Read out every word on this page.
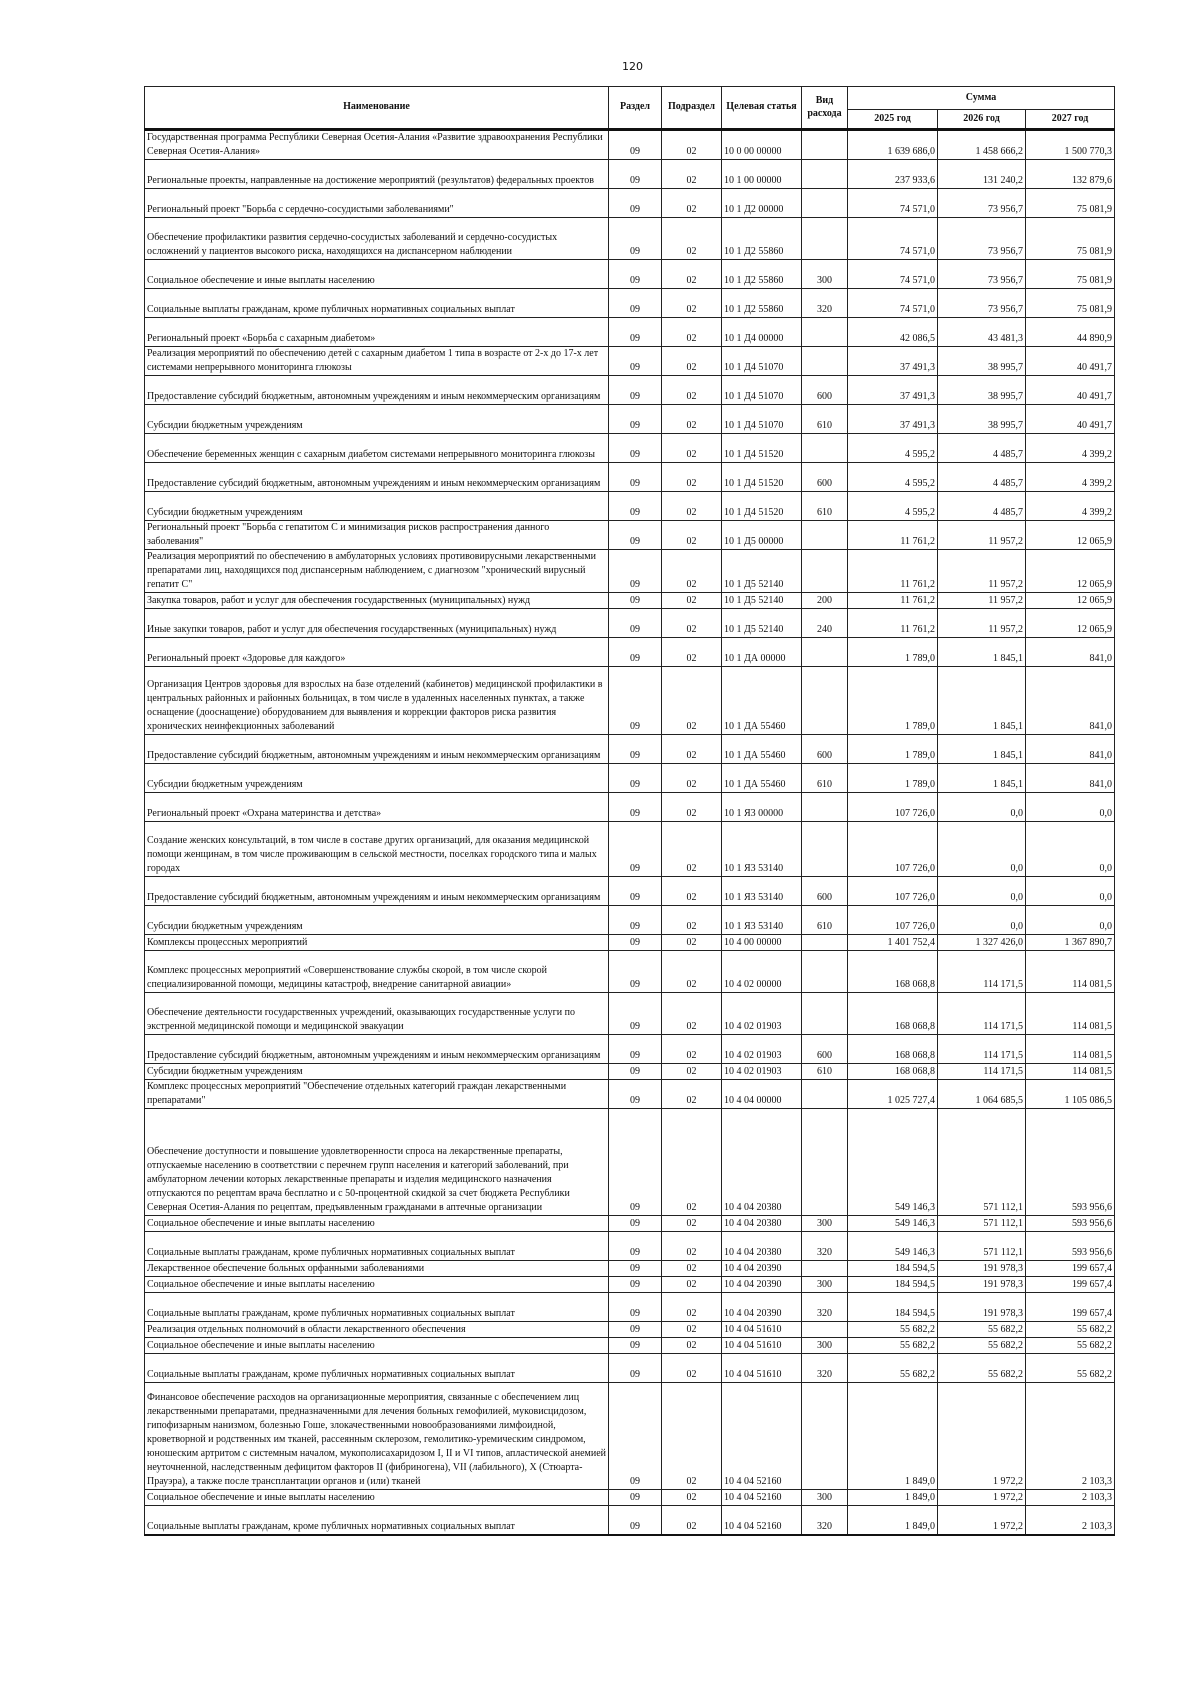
120
Наименование	Раздел	Подраздел	Целевая статья	Вид расхода	Сумма		
					2025 год	2026 год	2027 год
Государственная программа Республики Северная Осетия-Алания «Развитие здравоохранения Республики Северная Осетия-Алания»	09	02	10 0 00 00000		1 639 686,0	1 458 666,2	1 500 770,3
Региональные проекты, направленные на достижение мероприятий (результатов) федеральных проектов	09	02	10 1 00 00000		237 933,6	131 240,2	132 879,6
Региональный проект "Борьба с сердечно-сосудистыми заболеваниями"	09	02	10 1 Д2 00000		74 571,0	73 956,7	75 081,9
Обеспечение профилактики развития сердечно-сосудистых заболеваний и сердечно-сосудистых осложнений у пациентов высокого риска, находящихся на диспансерном наблюдении	09	02	10 1 Д2 55860		74 571,0	73 956,7	75 081,9
Социальное обеспечение и иные выплаты населению	09	02	10 1 Д2 55860	300	74 571,0	73 956,7	75 081,9
Социальные выплаты гражданам, кроме публичных нормативных социальных выплат	09	02	10 1 Д2 55860	320	74 571,0	73 956,7	75 081,9
Региональный проект «Борьба с сахарным диабетом»	09	02	10 1 Д4 00000		42 086,5	43 481,3	44 890,9
Реализация мероприятий по обеспечению детей с сахарным диабетом 1 типа в возрасте от 2-х до 17-х лет системами непрерывного мониторинга глюкозы	09	02	10 1 Д4 51070		37 491,3	38 995,7	40 491,7
Предоставление субсидий бюджетным, автономным учреждениям и иным некоммерческим организациям	09	02	10 1 Д4 51070	600	37 491,3	38 995,7	40 491,7
Субсидии бюджетным учреждениям	09	02	10 1 Д4 51070	610	37 491,3	38 995,7	40 491,7
Обеспечение беременных женщин с сахарным диабетом системами непрерывного мониторинга глюкозы	09	02	10 1 Д4 51520		4 595,2	4 485,7	4 399,2
Предоставление субсидий бюджетным, автономным учреждениям и иным некоммерческим организациям	09	02	10 1 Д4 51520	600	4 595,2	4 485,7	4 399,2
Субсидии бюджетным учреждениям	09	02	10 1 Д4 51520	610	4 595,2	4 485,7	4 399,2
Региональный проект "Борьба с гепатитом С и минимизация рисков распространения данного заболевания"	09	02	10 1 Д5 00000		11 761,2	11 957,2	12 065,9
Реализация мероприятий по обеспечению в амбулаторных условиях противовирусными лекарственными препаратами лиц, находящихся под диспансерным наблюдением, с диагнозом "хронический вирусный гепатит С"	09	02	10 1 Д5 52140		11 761,2	11 957,2	12 065,9
Закупка товаров, работ и услуг для обеспечения государственных (муниципальных) нужд	09	02	10 1 Д5 52140	200	11 761,2	11 957,2	12 065,9
Иные закупки товаров, работ и услуг для обеспечения государственных (муниципальных) нужд	09	02	10 1 Д5 52140	240	11 761,2	11 957,2	12 065,9
Региональный проект «Здоровье для каждого»	09	02	10 1 ДА 00000		1 789,0	1 845,1	841,0
Организация Центров здоровья для взрослых на базе отделений (кабинетов) медицинской профилактики в центральных районных и районных больницах, в том числе в удаленных населенных пунктах, а также оснащение (дооснащение) оборудованием для выявления и коррекции факторов риска развития хронических неинфекционных заболеваний	09	02	10 1 ДА 55460		1 789,0	1 845,1	841,0
Предоставление субсидий бюджетным, автономным учреждениям и иным некоммерческим организациям	09	02	10 1 ДА 55460	600	1 789,0	1 845,1	841,0
Субсидии бюджетным учреждениям	09	02	10 1 ДА 55460	610	1 789,0	1 845,1	841,0
Региональный проект «Охрана материнства и детства»	09	02	10 1 Я3 00000		107 726,0	0,0	0,0
Создание женских консультаций, в том числе в составе других организаций, для оказания медицинской помощи женщинам, в том числе проживающим в сельской местности, поселках городского типа и малых городах	09	02	10 1 Я3 53140		107 726,0	0,0	0,0
Предоставление субсидий бюджетным, автономным учреждениям и иным некоммерческим организациям	09	02	10 1 Я3 53140	600	107 726,0	0,0	0,0
Субсидии бюджетным учреждениям	09	02	10 1 Я3 53140	610	107 726,0	0,0	0,0
Комплексы процессных мероприятий	09	02	10 4 00 00000		1 401 752,4	1 327 426,0	1 367 890,7
Комплекс процессных мероприятий «Совершенствование службы скорой, в том числе скорой специализированной помощи, медицины катастроф, внедрение санитарной авиации»	09	02	10 4 02 00000		168 068,8	114 171,5	114 081,5
Обеспечение деятельности государственных учреждений, оказывающих государственные услуги по экстренной медицинской помощи и медицинской эвакуации	09	02	10 4 02 01903		168 068,8	114 171,5	114 081,5
Предоставление субсидий бюджетным, автономным учреждениям и иным некоммерческим организациям	09	02	10 4 02 01903	600	168 068,8	114 171,5	114 081,5
Субсидии бюджетным учреждениям	09	02	10 4 02 01903	610	168 068,8	114 171,5	114 081,5
Комплекс процессных мероприятий "Обеспечение отдельных категорий граждан лекарственными препаратами"	09	02	10 4 04 00000		1 025 727,4	1 064 685,5	1 105 086,5
Обеспечение доступности и повышение удовлетворенности спроса на лекарственные препараты, отпускаемые населению в соответствии с перечнем групп населения и категорий заболеваний, при амбулаторном лечении которых лекарственные препараты и изделия медицинского назначения отпускаются по рецептам врача бесплатно и с 50-процентной скидкой за счет бюджета Республики Северная Осетия-Алания по рецептам, предъявленным гражданами в аптечные организации	09	02	10 4 04 20380		549 146,3	571 112,1	593 956,6
Социальное обеспечение и иные выплаты населению	09	02	10 4 04 20380	300	549 146,3	571 112,1	593 956,6
Социальные выплаты гражданам, кроме публичных нормативных социальных выплат	09	02	10 4 04 20380	320	549 146,3	571 112,1	593 956,6
Лекарственное обеспечение больных орфанными заболеваниями	09	02	10 4 04 20390		184 594,5	191 978,3	199 657,4
Социальное обеспечение и иные выплаты населению	09	02	10 4 04 20390	300	184 594,5	191 978,3	199 657,4
Социальные выплаты гражданам, кроме публичных нормативных социальных выплат	09	02	10 4 04 20390	320	184 594,5	191 978,3	199 657,4
Реализация отдельных полномочий в области лекарственного обеспечения	09	02	10 4 04 51610		55 682,2	55 682,2	55 682,2
Социальное обеспечение и иные выплаты населению	09	02	10 4 04 51610	300	55 682,2	55 682,2	55 682,2
Социальные выплаты гражданам, кроме публичных нормативных социальных выплат	09	02	10 4 04 51610	320	55 682,2	55 682,2	55 682,2
Финансовое обеспечение расходов на организационные мероприятия, связанные с обеспечением лиц лекарственными препаратами, предназначенными для лечения больных гемофилией, муковисцидозом, гипофизарным нанизмом, болезнью Гоше, злокачественными новообразованиями лимфоидной, кроветворной и родственных им тканей, рассеянным склерозом, гемолитико-уремическим синдромом, юношеским артритом с системным началом, мукополисахаридозом I, II и VI типов, апластической анемией неуточненной, наследственным дефицитом факторов II (фибриногена), VII (лабильного), X (Стюарта-Прауэра), а также после трансплантации органов и (или) тканей	09	02	10 4 04 52160		1 849,0	1 972,2	2 103,3
Социальное обеспечение и иные выплаты населению	09	02	10 4 04 52160	300	1 849,0	1 972,2	2 103,3
Социальные выплаты гражданам, кроме публичных нормативных социальных выплат	09	02	10 4 04 52160	320	1 849,0	1 972,2	2 103,3
